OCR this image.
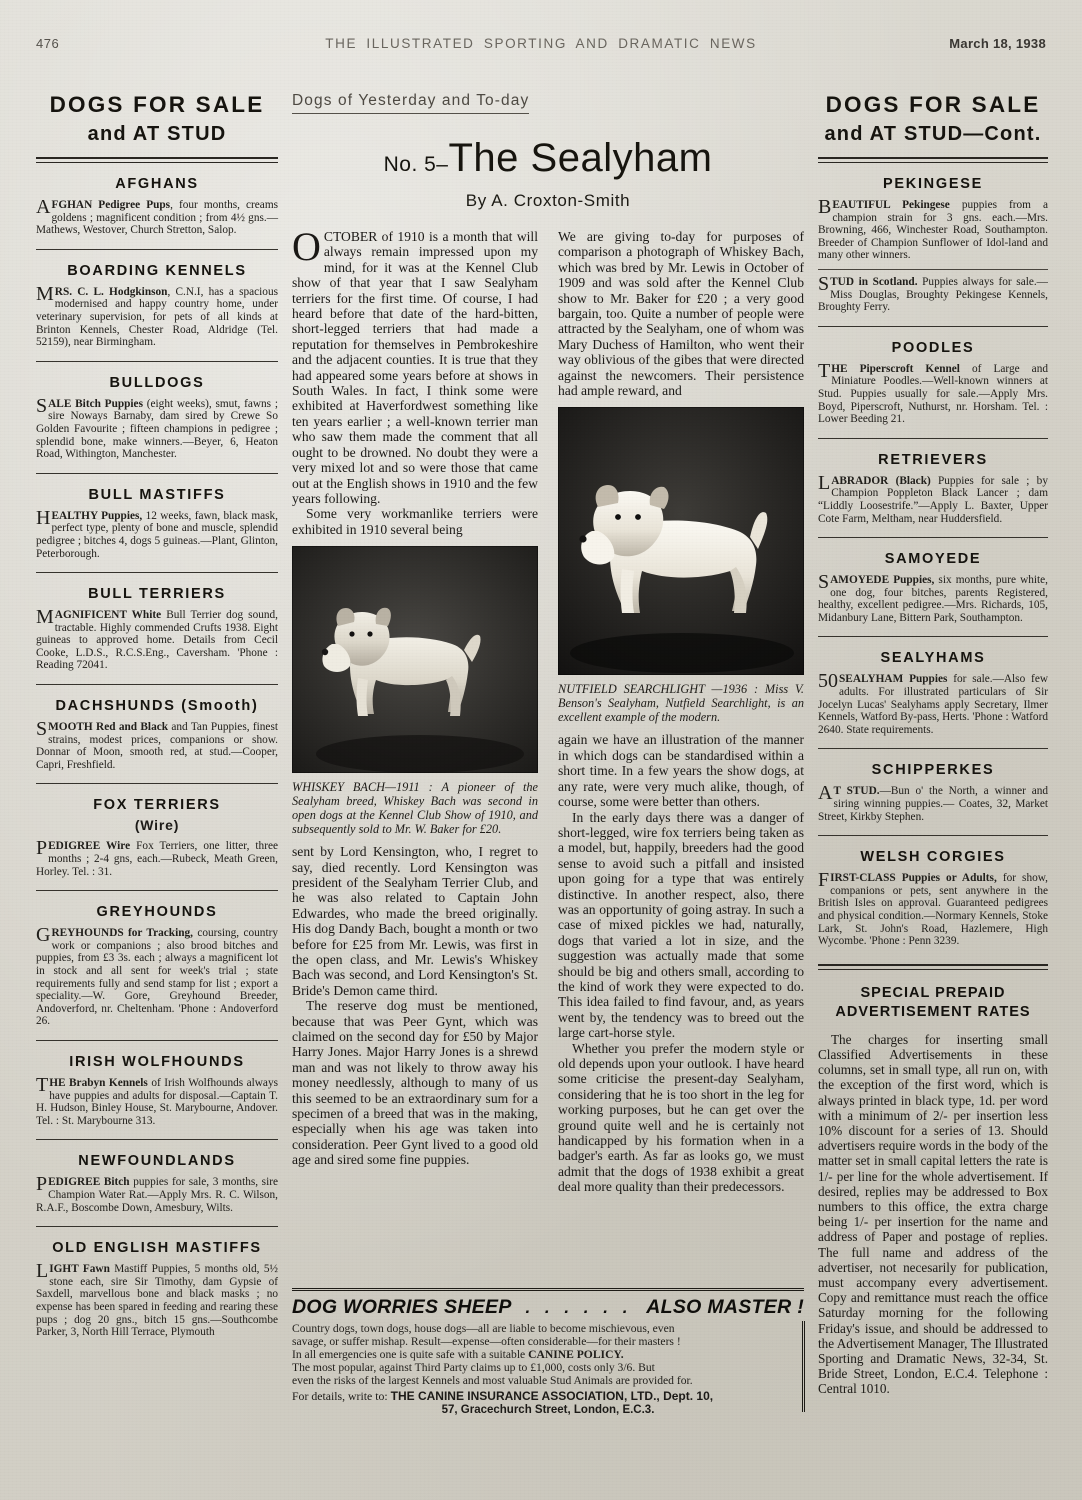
476	THE ILLUSTRATED SPORTING AND DRAMATIC NEWS	March 18, 1938
DOGS FOR SALE
and AT STUD
AFGHANS
AFGHAN Pedigree Pups, four months, creams goldens ; magnificent condition ; from 4½ gns.—Mathews, Westover, Church Stretton, Salop.
BOARDING KENNELS
MRS. C. L. Hodgkinson, C.N.I, has a spacious modernised and happy country home, under veterinary supervision, for pets of all kinds at Brinton Kennels, Chester Road, Aldridge (Tel. 52159), near Birmingham.
BULLDOGS
SALE Bitch Puppies (eight weeks), smut, fawns ; sire Noways Barnaby, dam sired by Crewe So Golden Favourite ; fifteen champions in pedigree ; splendid bone, make winners.—Beyer, 6, Heaton Road, Withington, Manchester.
BULL MASTIFFS
HEALTHY Puppies, 12 weeks, fawn, black mask, perfect type, plenty of bone and muscle, splendid pedigree ; bitches 4, dogs 5 guineas.—Plant, Glinton, Peterborough.
BULL TERRIERS
MAGNIFICENT White Bull Terrier dog sound, tractable. Highly commended Crufts 1938. Eight guineas to approved home. Details from Cecil Cooke, L.D.S., R.C.S.Eng., Caversham. 'Phone : Reading 72041.
DACHSHUNDS (Smooth)
SMOOTH Red and Black and Tan Puppies, finest strains, modest prices, companions or show. Donnar of Moon, smooth red, at stud.—Cooper, Capri, Freshfield.
FOX TERRIERS
(Wire)
PEDIGREE Wire Fox Terriers, one litter, three months ; 2-4 gns, each.—Rubeck, Meath Green, Horley. Tel. : 31.
GREYHOUNDS
GREYHOUNDS for Tracking, coursing, country work or companions ; also brood bitches and puppies, from £3 3s. each ; always a magnificent lot in stock and all sent for week's trial ; state requirements fully and send stamp for list ; export a speciality.—W. Gore, Greyhound Breeder, Andoverford, nr. Cheltenham. 'Phone : Andoverford 26.
IRISH WOLFHOUNDS
THE Brabyn Kennels of Irish Wolfhounds always have puppies and adults for disposal.—Captain T. H. Hudson, Binley House, St. Marybourne, Andover. Tel. : St. Marybourne 313.
NEWFOUNDLANDS
PEDIGREE Bitch puppies for sale, 3 months, sire Champion Water Rat.—Apply Mrs. R. C. Wilson, R.A.F., Boscombe Down, Amesbury, Wilts.
OLD ENGLISH MASTIFFS
LIGHT Fawn Mastiff Puppies, 5 months old, 5½ stone each, sire Sir Timothy, dam Gypsie of Saxdell, marvellous bone and black masks ; no expense has been spared in feeding and rearing these pups ; dog 20 gns., bitch 15 gns.—Southcombe Parker, 3, North Hill Terrace, Plymouth
Dogs of Yesterday and To-day
No. 5–The Sealyham
By A. Croxton-Smith

OCTOBER of 1910 is a month that will always remain impressed upon my mind, for it was at the Kennel Club show of that year that I saw Sealyham terriers for the first time. Of course, I had heard before that date of the hard-bitten, short-legged terriers that had made a reputation for themselves in Pembrokeshire and the adjacent counties. It is true that they had appeared some years before at shows in South Wales. In fact, I think some were exhibited at Haverfordwest something like ten years earlier ; a well-known terrier man who saw them made the comment that all ought to be drowned. No doubt they were a very mixed lot and so were those that came out at the English shows in 1910 and the few years following.

Some very workmanlike terriers were exhibited in 1910 several being

WHISKEY BACH—1911 : A pioneer of the Sealyham breed, Whiskey Bach was second in open dogs at the Kennel Club Show of 1910, and subsequently sold to Mr. W. Baker for £20.

sent by Lord Kensington, who, I regret to say, died recently. Lord Kensington was president of the Sealyham Terrier Club, and he was also related to Captain John Edwardes, who made the breed originally. His dog Dandy Bach, bought a month or two before for £25 from Mr. Lewis, was first in the open class, and Mr. Lewis's Whiskey Bach was second, and Lord Kensington's St. Bride's Demon came third.

The reserve dog must be mentioned, because that was Peer Gynt, which was claimed on the second day for £50 by Major Harry Jones. Major Harry Jones is a shrewd man and was not likely to throw away his money needlessly, although to many of us this seemed to be an extraordinary sum for a specimen of a breed that was in the making, especially when his age was taken into consideration. Peer Gynt lived to a good old age and sired some fine puppies.

We are giving to-day for purposes of comparison a photograph of Whiskey Bach, which was bred by Mr. Lewis in October of 1909 and was sold after the Kennel Club show to Mr. Baker for £20 ; a very good bargain, too. Quite a number of people were attracted by the Sealyham, one of whom was Mary Duchess of Hamilton, who went their way oblivious of the gibes that were directed against the newcomers. Their persistence had ample reward, and

NUTFIELD SEARCHLIGHT —1936 : Miss V. Benson's Sealyham, Nutfield Searchlight, is an excellent example of the modern.

again we have an illustration of the manner in which dogs can be standardised within a short time. In a few years the show dogs, at any rate, were very much alike, though, of course, some were better than others.

In the early days there was a danger of short-legged, wire fox terriers being taken as a model, but, happily, breeders had the good sense to avoid such a pitfall and insisted upon going for a type that was entirely distinctive. In another respect, also, there was an opportunity of going astray. In such a case of mixed pickles we had, naturally, dogs that varied a lot in size, and the suggestion was actually made that some should be big and others small, according to the kind of work they were expected to do. This idea failed to find favour, and, as years went by, the tendency was to breed out the large cart-horse style.

Whether you prefer the modern style or old depends upon your outlook. I have heard some criticise the present-day Sealyham, considering that he is too short in the leg for working purposes, but he can get over the ground quite well and he is certainly not handicapped by his formation when in a badger's earth. As far as looks go, we must admit that the dogs of 1938 exhibit a great deal more quality than their predecessors.

DOG WORRIES SHEEP . . . . . . ALSO MASTER !
Country dogs, town dogs, house dogs—all are liable to become mischievous, even
savage, or suffer mishap. Result—expense—often considerable—for their masters !
In all emergencies one is quite safe with a suitable CANINE POLICY.
The most popular, against Third Party claims up to £1,000, costs only 3/6. But
even the risks of the largest Kennels and most valuable Stud Animals are provided for.
For details, write to: THE CANINE INSURANCE ASSOCIATION, LTD., Dept. 10,
57, Gracechurch Street, London, E.C.3.
DOGS FOR SALE
and AT STUD—Cont.
PEKINGESE
BEAUTIFUL Pekingese puppies from a champion strain for 3 gns. each.—Mrs. Browning, 466, Winchester Road, Southampton. Breeder of Champion Sunflower of Idol-land and many other winners.
STUD in Scotland. Puppies always for sale.— Miss Douglas, Broughty Pekingese Kennels, Broughty Ferry.
POODLES
THE Piperscroft Kennel of Large and Miniature Poodles.—Well-known winners at Stud. Puppies usually for sale.—Apply Mrs. Boyd, Piperscroft, Nuthurst, nr. Horsham. Tel. : Lower Beeding 21.
RETRIEVERS
LABRADOR (Black) Puppies for sale ; by Champion Poppleton Black Lancer ; dam “Liddly Loosestrife.”—Apply L. Baxter, Upper Cote Farm, Meltham, near Huddersfield.
SAMOYEDE
SAMOYEDE Puppies, six months, pure white, one dog, four bitches, parents Registered, healthy, excellent pedigree.—Mrs. Richards, 105, Midanbury Lane, Bittern Park, Southampton.
SEALYHAMS
50 SEALYHAM Puppies for sale.—Also few adults. For illustrated particulars of Sir Jocelyn Lucas' Sealyhams apply Secretary, Ilmer Kennels, Watford By-pass, Herts. 'Phone : Watford 2640. State requirements.
SCHIPPERKES
A T STUD.—Bun o' the North, a winner and siring winning puppies.— Coates, 32, Market Street, Kirkby Stephen.
WELSH CORGIES
FIRST-CLASS Puppies or Adults, for show, companions or pets, sent anywhere in the British Isles on approval. Guaranteed pedigrees and physical condition.—Normary Kennels, Stoke Lark, St. John's Road, Hazlemere, High Wycombe. 'Phone : Penn 3239.
SPECIAL PREPAID
ADVERTISEMENT RATES

The charges for inserting small Classified Advertisements in these columns, set in small type, all run on, with the exception of the first word, which is always printed in black type, 1d. per word with a minimum of 2/- per insertion less 10% discount for a series of 13. Should advertisers require words in the body of the matter set in small capital letters the rate is 1/- per line for the whole advertisement. If desired, replies may be addressed to Box numbers to this office, the extra charge being 1/- per insertion for the name and address of Paper and postage of replies. The full name and address of the advertiser, not necesarily for publication, must accompany every advertisement. Copy and remittance must reach the office Saturday morning for the following Friday's issue, and should be addressed to the Advertisement Manager, The Illustrated Sporting and Dramatic News, 32-34, St. Bride Street, London, E.C.4. Telephone : Central 1010.
